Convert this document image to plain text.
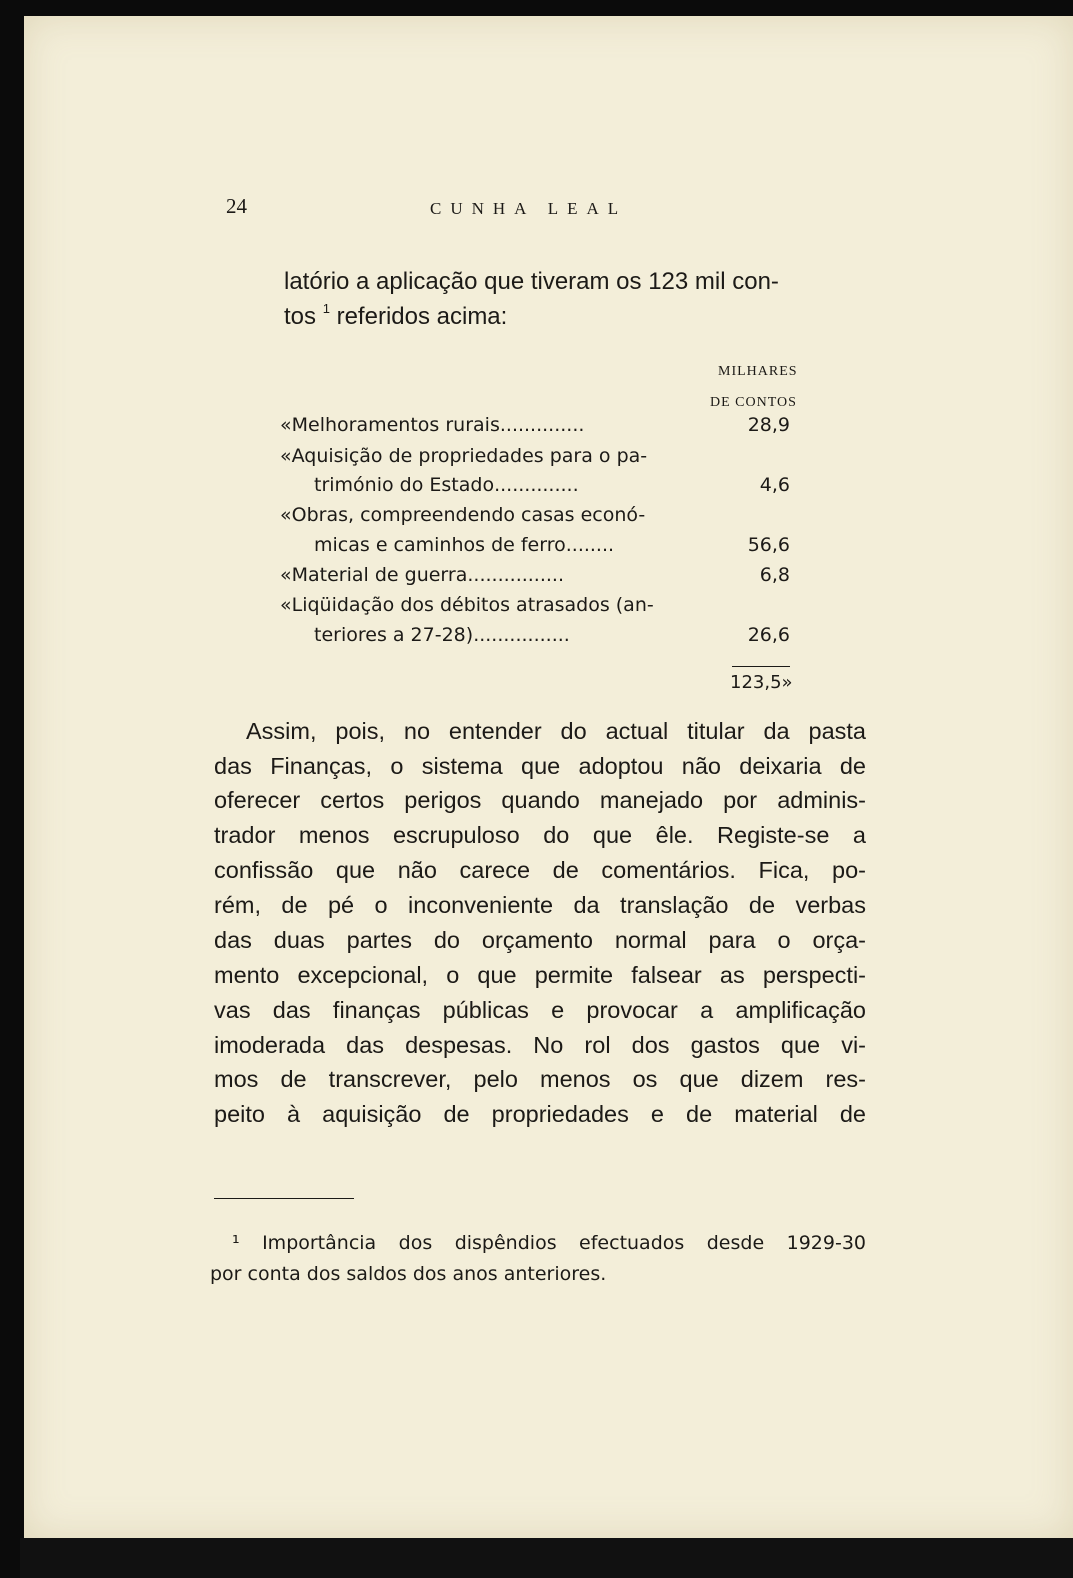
24	CUNHA LEAL
latório a aplicação que tiveram os 123 mil con-
tos $^1$ referidos acima:
MILHARES
DE CONTOS
«Melhoramentos rurais..............	28,9
«Aquisição de propriedades para o pa-
trimónio do Estado..............	4,6
«Obras, compreendendo casas econó-
micas e caminhos de ferro........	56,6
«Material de guerra................	6,8
«Liqüidação dos débitos atrasados (an-
teriores a 27-28)................	26,6
123,5»
Assim, pois, no entender do actual titular da pasta
das Finanças, o sistema que adoptou não deixaria de
oferecer certos perigos quando manejado por adminis-
trador menos escrupuloso do que êle. Registe-se a
confissão que não carece de comentários. Fica, po-
rém, de pé o inconveniente da translação de verbas
das duas partes do orçamento normal para o orça-
mento excepcional, o que permite falsear as perspecti-
vas das finanças públicas e provocar a amplificação
imoderada das despesas. No rol dos gastos que vi-
mos de transcrever, pelo menos os que dizem res-
peito à aquisição de propriedades e de material de
¹ Importância dos dispêndios efectuados desde 1929-30
por conta dos saldos dos anos anteriores.
